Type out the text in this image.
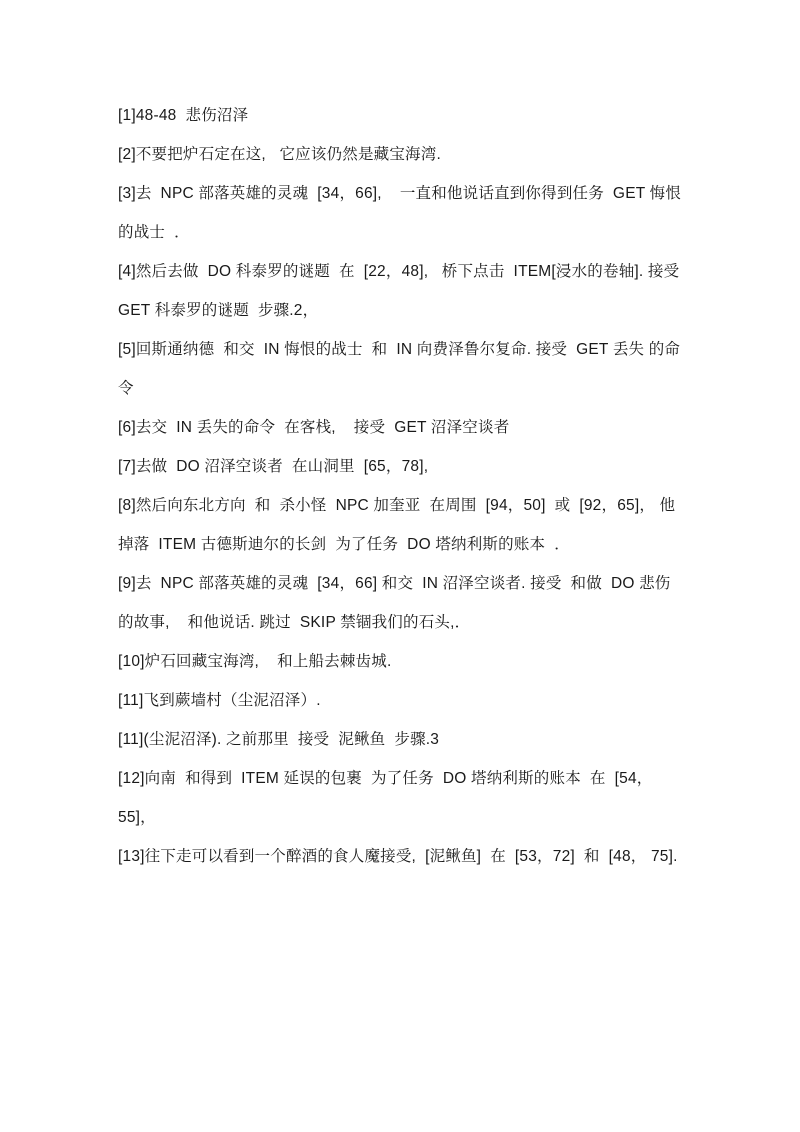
[1]48-48  悲伤沼泽

[2]不要把炉石定在这,   它应该仍然是藏宝海湾.

[3]去  NPC 部落英雄的灵魂  [34，66],    一直和他说话直到你得到任务  GET 悔恨的战士  ．

[4]然后去做  DO 科泰罗的谜题  在  [22，48],   桥下点击  ITEM[浸水的卷轴]. 接受  GET 科泰罗的谜题  步骤.2，

[5]回斯通纳德  和交  IN 悔恨的战士  和  IN 向费泽鲁尔复命. 接受  GET 丢失 的命令

[6]去交  IN 丢失的命令  在客栈,    接受  GET 沼泽空谈者

[7]去做  DO 沼泽空谈者  在山洞里  [65，78],

[8]然后向东北方向  和  杀小怪  NPC 加奎亚  在周围  [94，50]  或  [92，65]， 他掉落  ITEM 古德斯迪尔的长剑  为了任务  DO 塔纳利斯的账本  ．

[9]去  NPC 部落英雄的灵魂  [34，66] 和交  IN 沼泽空谈者. 接受  和做  DO 悲伤的故事,    和他说话. 跳过  SKIP 禁锢我们的石头,．

[10]炉石回藏宝海湾,    和上船去棘齿城.

[11]飞到蕨墙村（尘泥沼泽）.

[11](尘泥沼泽). 之前那里  接受  泥鳅鱼  步骤.3

[12]向南  和得到  ITEM 延误的包裹  为了任务  DO 塔纳利斯的账本  在  [54， 55]，

[13]往下走可以看到一个醉酒的食人魔接受,  [泥鳅鱼]  在  [53，72]  和  [48， 75].
